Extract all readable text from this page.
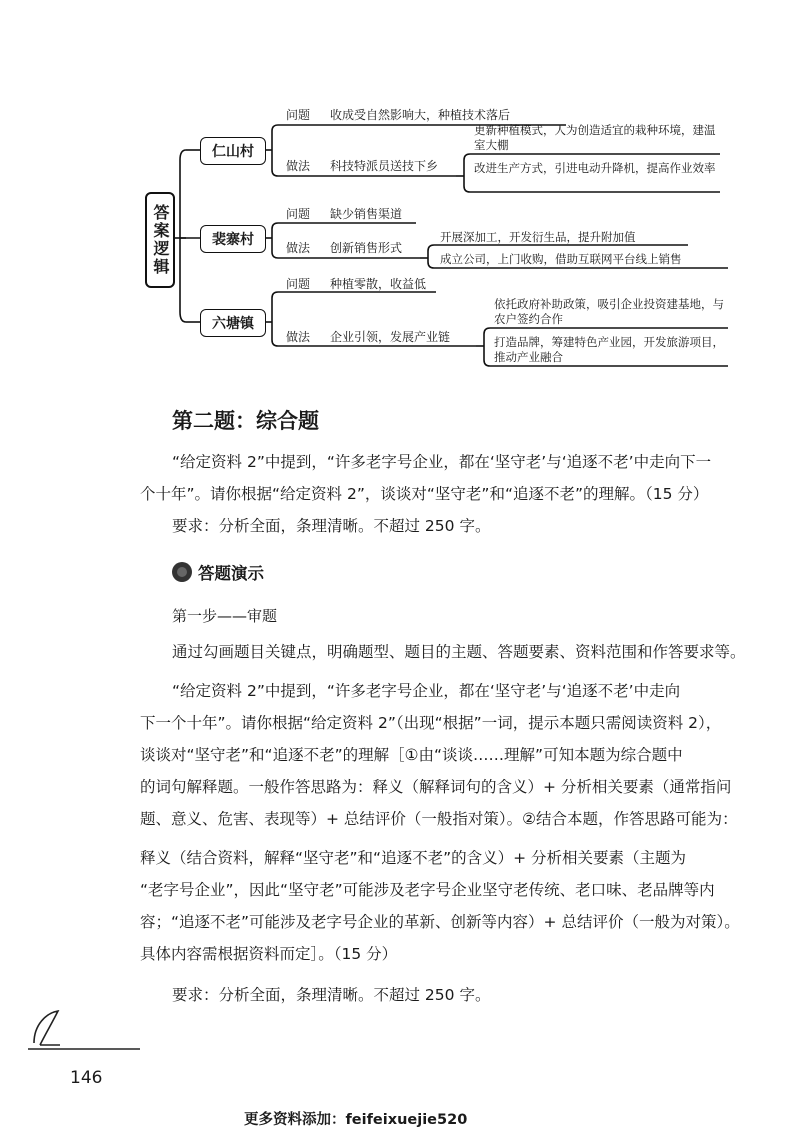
答案逻辑
仁山村
问题 收成受自然影响大，种植技术落后
做法 科技特派员送技下乡
更新种植模式，人为创造适宜的栽种环境，建温室大棚
改进生产方式，引进电动升降机，提高作业效率
裴寨村
问题 缺少销售渠道
做法 创新销售形式
开展深加工，开发衍生品，提升附加值
成立公司，上门收购，借助互联网平台线上销售
六塘镇
问题 种植零散，收益低
做法 企业引领，发展产业链
依托政府补助政策，吸引企业投资建基地，与农户签约合作
打造品牌，筹建特色产业园，开发旅游项目，推动产业融合
第二题：综合题
“给定资料 2”中提到，“许多老字号企业，都在‘坚守老’与‘追逐不老’中走向下一
个十年”。请你根据“给定资料 2”，谈谈对“坚守老”和“追逐不老”的理解。（15 分）
要求：分析全面，条理清晰。不超过 250 字。
答题演示
第一步——审题
通过勾画题目关键点，明确题型、题目的主题、答题要素、资料范围和作答要求等。
“给定资料 2”中提到，“许多老字号企业，都在‘坚守老’与‘追逐不老’中走向
下一个十年”。请你根据“给定资料 2”（出现“根据”一词，提示本题只需阅读资料 2），
谈谈对“坚守老”和“追逐不老”的理解［①由“谈谈……理解”可知本题为综合题中
的词句解释题。一般作答思路为：释义（解释词句的含义）+ 分析相关要素（通常指问
题、意义、危害、表现等）+ 总结评价（一般指对策）。②结合本题，作答思路可能为：
释义（结合资料，解释“坚守老”和“追逐不老”的含义）+ 分析相关要素（主题为
“老字号企业”，因此“坚守老”可能涉及老字号企业坚守老传统、老口味、老品牌等内
容；“追逐不老”可能涉及老字号企业的革新、创新等内容）+ 总结评价（一般为对策）。
具体内容需根据资料而定］。（15 分）
要求：分析全面，条理清晰。不超过 250 字。
146
更多资料添加：feifeixuejie520
